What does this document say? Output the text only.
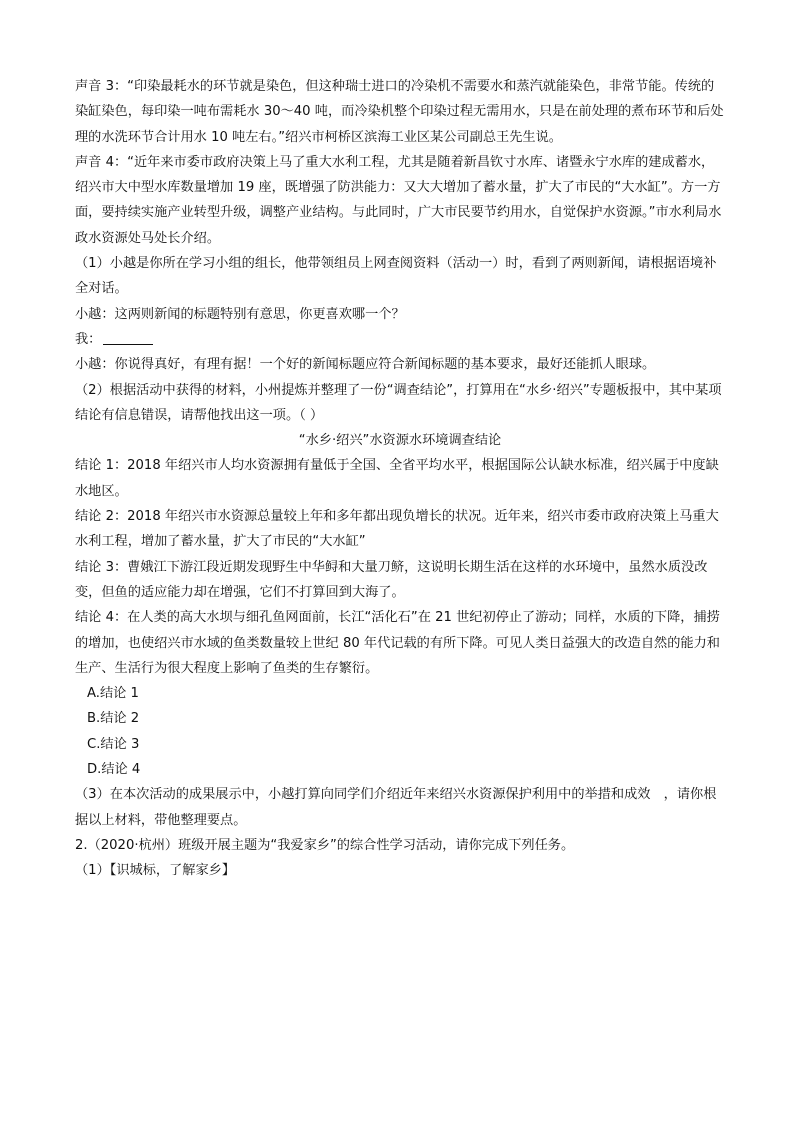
声音 3：“印染最耗水的环节就是染色，但这种瑞士进口的冷染机不需要水和蒸汽就能染色，非常节能。传统的染缸染色，每印染一吨布需耗水 30～40 吨，而冷染机整个印染过程无需用水，只是在前处理的煮布环节和后处理的水洗环节合计用水 10 吨左右。”绍兴市柯桥区滨海工业区某公司副总王先生说。

声音 4：“近年来市委市政府决策上马了重大水利工程，尤其是随着新昌钦寸水库、诸暨永宁水库的建成蓄水，绍兴市大中型水库数量增加 19 座，既增强了防洪能力：又大大增加了蓄水量，扩大了市民的“大水缸”。方一方面，要持续实施产业转型升级，调整产业结构。与此同时，广大市民要节约用水，自觉保护水资源。”市水利局水政水资源处马处长介绍。

（1）小越是你所在学习小组的组长，他带领组员上网查阅资料（活动一）时，看到了两则新闻，请根据语境补全对话。

小越：这两则新闻的标题特别有意思，你更喜欢哪一个？

我：

小越：你说得真好，有理有据！一个好的新闻标题应符合新闻标题的基本要求，最好还能抓人眼球。

（2）根据活动中获得的材料，小州提炼并整理了一份“调查结论”，打算用在“水乡·绍兴”专题板报中，其中某项结论有信息错误，请帮他找出这一项。（ ）

“水乡·绍兴”水资源水环境调查结论

结论 1：2018 年绍兴市人均水资源拥有量低于全国、全省平均水平，根据国际公认缺水标准，绍兴属于中度缺水地区。

结论 2：2018 年绍兴市水资源总量较上年和多年都出现负增长的状况。近年来，绍兴市委市政府决策上马重大水利工程，增加了蓄水量，扩大了市民的“大水缸”

结论 3：曹娥江下游江段近期发现野生中华鲟和大量刀鲚，这说明长期生活在这样的水环境中，虽然水质没改变，但鱼的适应能力却在增强，它们不打算回到大海了。

结论 4：在人类的高大水坝与细孔鱼网面前，长江“活化石”在 21 世纪初停止了游动；同样，水质的下降，捕捞的增加，也使绍兴市水域的鱼类数量较上世纪 80 年代记载的有所下降。可见人类日益强大的改造自然的能力和生产、生活行为很大程度上影响了鱼类的生存繁衍。

A.结论 1

B.结论 2

C.结论 3

D.结论 4

（3）在本次活动的成果展示中，小越打算向同学们介绍近年来绍兴水资源保护利用中的举措和成效　，请你根据以上材料，带他整理要点。

2.（2020·杭州）班级开展主题为“我爱家乡”的综合性学习活动，请你完成下列任务。

（1）【识城标，了解家乡】
